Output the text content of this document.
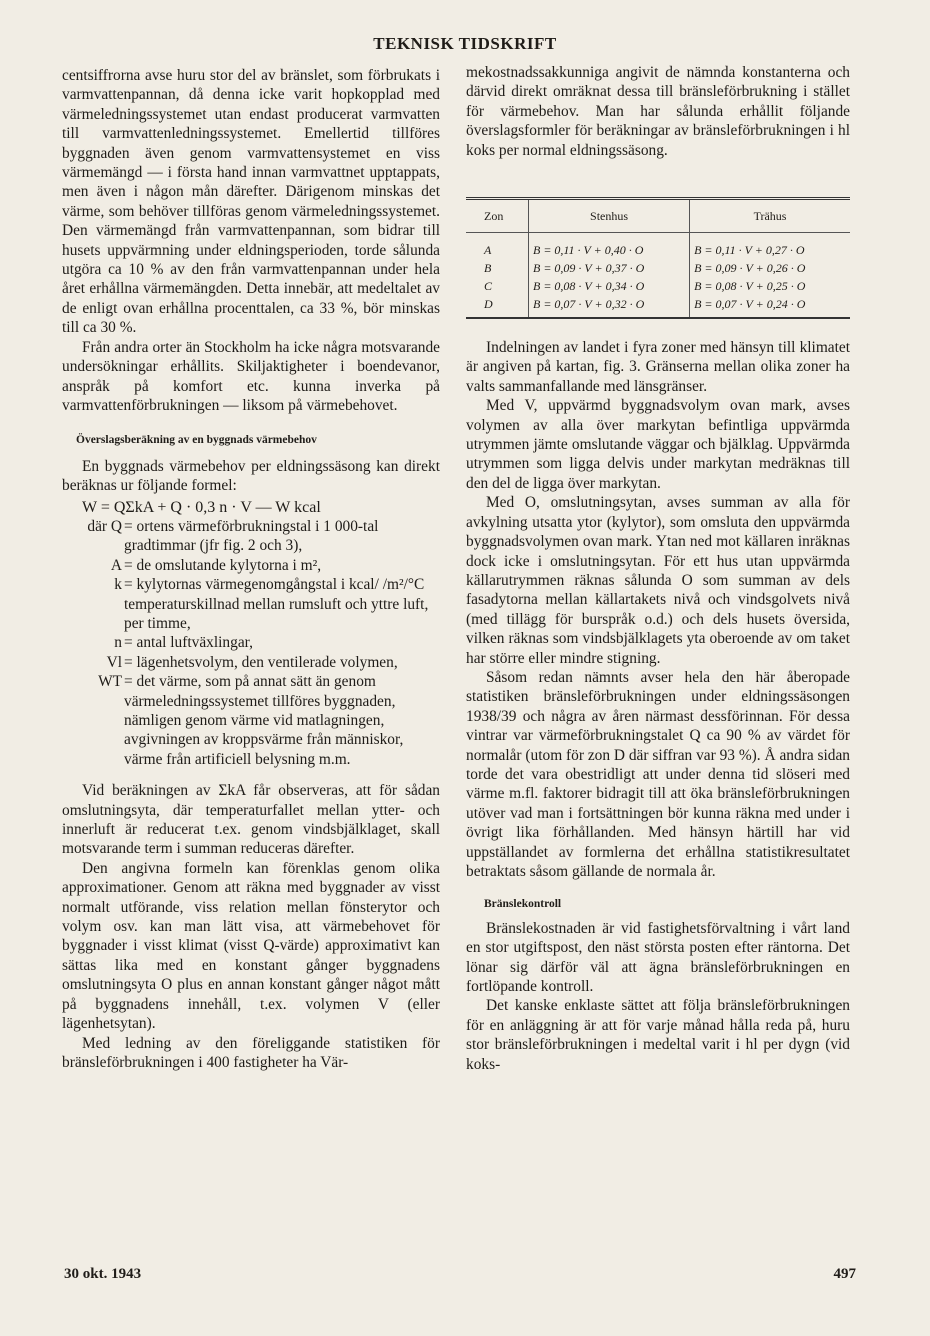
TEKNISK TIDSKRIFT

centsiffrorna avse huru stor del av bränslet, som förbrukats i varmvattenpannan, då denna icke varit hopkopplad med värmeledningssystemet utan endast producerat varmvatten till varmvattenledningssystemet. Emellertid tillföres byggnaden även genom varmvattensystemet en viss värmemängd — i första hand innan varmvattnet upptappats, men även i någon mån därefter. Därigenom minskas det värme, som behöver tillföras genom värmeledningssystemet. Den värmemängd från varmvattenpannan, som bidrar till husets uppvärmning under eldningsperioden, torde sålunda utgöra ca 10 % av den från varmvattenpannan under hela året erhållna värmemängden. Detta innebär, att medeltalet av de enligt ovan erhållna procenttalen, ca 33 %, bör minskas till ca 30 %.

Från andra orter än Stockholm ha icke några motsvarande undersökningar erhållits. Skiljaktigheter i boendevanor, anspråk på komfort etc. kunna inverka på varmvattenförbrukningen — liksom på värmebehovet.

Överslagsberäkning av en byggnads värmebehov

En byggnads värmebehov per eldningssäsong kan direkt beräknas ur följande formel:

W = QΣkA + Q · 0,3 n · V — W kcal

där Q = ortens värmeförbrukningstal i 1 000-tal gradtimmar (jfr fig. 2 och 3),
A = de omslutande kylytorna i m²,
k = kylytornas värmegenomgångstal i kcal/ /m²/°C temperaturskillnad mellan rumsluft och yttre luft, per timme,
n = antal luftväxlingar,
Vl = lägenhetsvolym, den ventilerade volymen,
WT = det värme, som på annat sätt än genom värmeledningssystemet tillföres byggnaden, nämligen genom värme vid matlagningen, avgivningen av kroppsvärme från människor, värme från artificiell belysning m.m.

Vid beräkningen av ΣkA får observeras, att för sådan omslutningsyta, där temperaturfallet mellan ytter- och innerluft är reducerat t.ex. genom vindsbjälklaget, skall motsvarande term i summan reduceras därefter.

Den angivna formeln kan förenklas genom olika approximationer. Genom att räkna med byggnader av visst normalt utförande, viss relation mellan fönsterytor och volym osv. kan man lätt visa, att värmebehovet för byggnader i visst klimat (visst Q-värde) approximativt kan sättas lika med en konstant gånger byggnadens omslutningsyta O plus en annan konstant gånger något mått på byggnadens innehåll, t.ex. volymen V (eller lägenhetsytan).

Med ledning av den föreliggande statistiken för bränsleförbrukningen i 400 fastigheter ha Vär-

mekostnadssakkunniga angivit de nämnda konstanterna och därvid direkt omräknat dessa till bränsleförbrukning i stället för värmebehov. Man har sålunda erhållit följande överslagsformler för beräkningar av bränsleförbrukningen i hl koks per normal eldningssäsong.

Indelningen av landet i fyra zoner med hänsyn till klimatet är angiven på kartan, fig. 3. Gränserna mellan olika zoner ha valts sammanfallande med länsgränser.

Med V, uppvärmd byggnadsvolym ovan mark, avses volymen av alla över markytan befintliga uppvärmda utrymmen jämte omslutande väggar och bjälklag. Uppvärmda utrymmen som ligga delvis under markytan medräknas till den del de ligga över markytan.

Med O, omslutningsytan, avses summan av alla för avkylning utsatta ytor (kylytor), som omsluta den uppvärmda byggnadsvolymen ovan mark. Ytan ned mot källaren inräknas dock icke i omslutningsytan. För ett hus utan uppvärmda källarutrymmen räknas sålunda O som summan av dels fasadytorna mellan källartakets nivå och vindsgolvets nivå (med tillägg för burspråk o.d.) och dels husets översida, vilken räknas som vindsbjälklagets yta oberoende av om taket har större eller mindre stigning.

Såsom redan nämnts avser hela den här åberopade statistiken bränsleförbrukningen under eldningssäsongen 1938/39 och några av åren närmast dessförinnan. För dessa vintrar var värmeförbrukningstalet Q ca 90 % av värdet för normalår (utom för zon D där siffran var 93 %). Å andra sidan torde det vara obestridligt att under denna tid slöseri med värme m.fl. faktorer bidragit till att öka bränsleförbrukningen utöver vad man i fortsättningen bör kunna räkna med under i övrigt lika förhållanden. Med hänsyn härtill har vid uppställandet av formlerna det erhållna statistikresultatet betraktats såsom gällande de normala år.

Bränslekontroll

Bränslekostnaden är vid fastighetsförvaltning i vårt land en stor utgiftspost, den näst största posten efter räntorna. Det lönar sig därför väl att ägna bränsleförbrukningen en fortlöpande kontroll.

Det kanske enklaste sättet att följa bränsleförbrukningen för en anläggning är att för varje månad hålla reda på, huru stor bränsleförbrukningen i medeltal varit i hl per dygn (vid koks-

Zon	Stenhus	Trähus
A	B = 0,11 · V + 0,40 · O	B = 0,11 · V + 0,27 · O
B	B = 0,09 · V + 0,37 · O	B = 0,09 · V + 0,26 · O
C	B = 0,08 · V + 0,34 · O	B = 0,08 · V + 0,25 · O
D	B = 0,07 · V + 0,32 · O	B = 0,07 · V + 0,24 · O
30 okt. 1943	497
